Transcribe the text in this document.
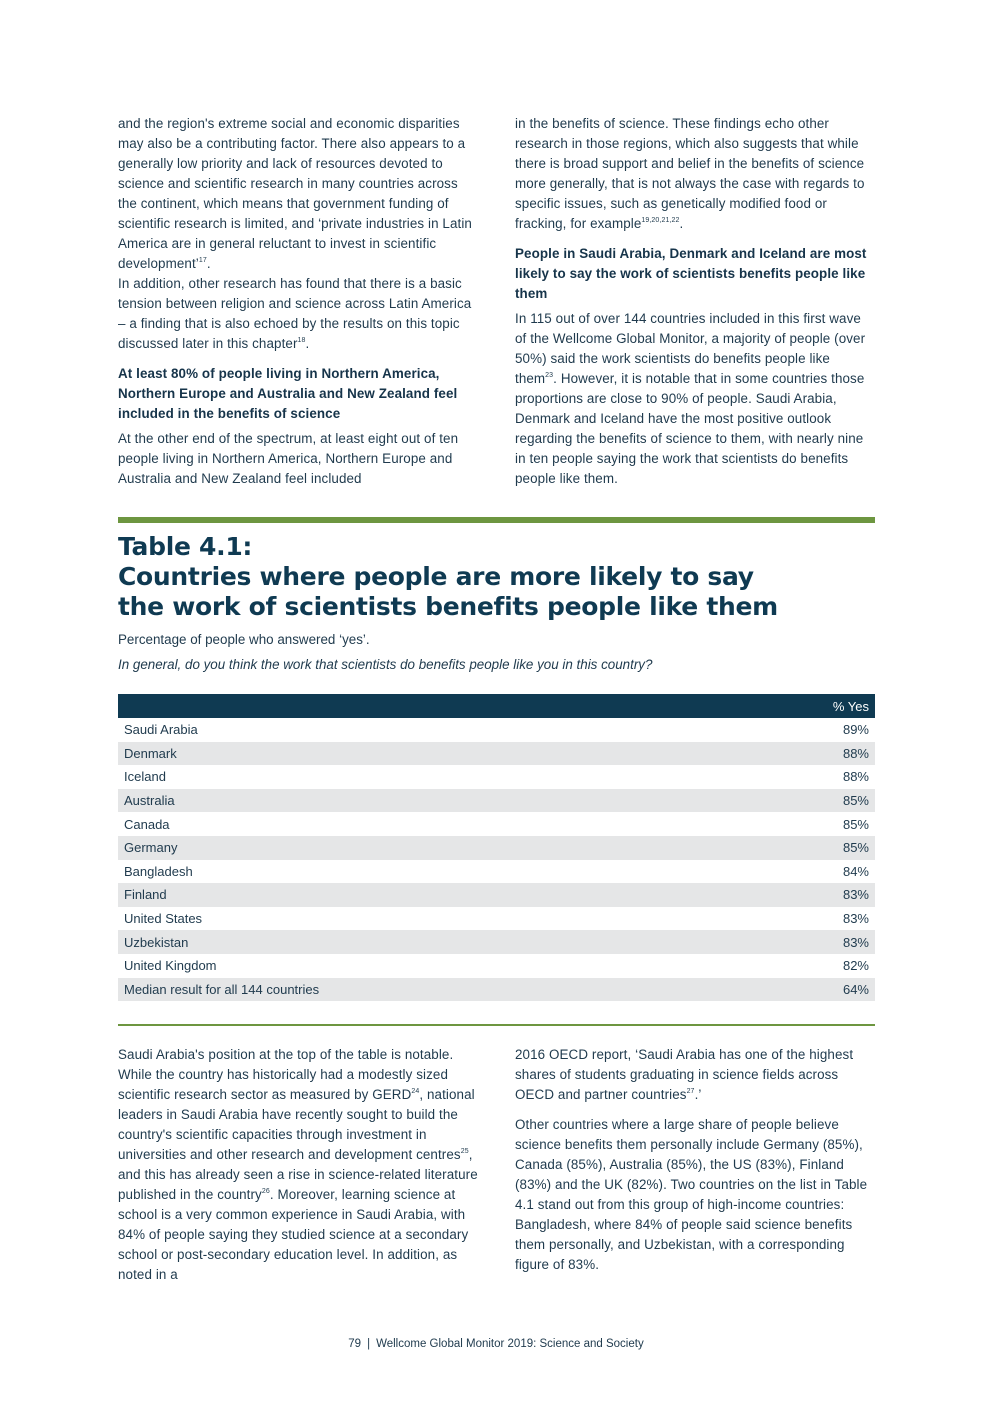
and the region's extreme social and economic disparities may also be a contributing factor. There also appears to a generally low priority and lack of resources devoted to science and scientific research in many countries across the continent, which means that government funding of scientific research is limited, and ‘private industries in Latin America are in general reluctant to invest in scientific development’$^{17}$.

In addition, other research has found that there is a basic tension between religion and science across Latin America – a finding that is also echoed by the results on this topic discussed later in this chapter$^{18}$.

At least 80% of people living in Northern America, Northern Europe and Australia and New Zealand feel included in the benefits of science

At the other end of the spectrum, at least eight out of ten people living in Northern America, Northern Europe and Australia and New Zealand feel included

in the benefits of science. These findings echo other research in those regions, which also suggests that while there is broad support and belief in the benefits of science more generally, that is not always the case with regards to specific issues, such as genetically modified food or fracking, for example$^{19,20,21,22}$.

People in Saudi Arabia, Denmark and Iceland are most likely to say the work of scientists benefits people like them

In 115 out of over 144 countries included in this first wave of the Wellcome Global Monitor, a majority of people (over 50%) said the work scientists do benefits people like them$^{23}$. However, it is notable that in some countries those proportions are close to 90% of people. Saudi Arabia, Denmark and Iceland have the most positive outlook regarding the benefits of science to them, with nearly nine in ten people saying the work that scientists do benefits people like them.

Table 4.1:
Countries where people are more likely to say
the work of scientists benefits people like them
Percentage of people who answered ‘yes’.
In general, do you think the work that scientists do benefits people like you in this country?
	% Yes
Saudi Arabia	89%
Denmark	88%
Iceland	88%
Australia	85%
Canada	85%
Germany	85%
Bangladesh	84%
Finland	83%
United States	83%
Uzbekistan	83%
United Kingdom	82%
Median result for all 144 countries	64%

Saudi Arabia's position at the top of the table is notable. While the country has historically had a modestly sized scientific research sector as measured by GERD$^{24}$, national leaders in Saudi Arabia have recently sought to build the country's scientific capacities through investment in universities and other research and development centres$^{25}$, and this has already seen a rise in science-related literature published in the country$^{26}$. Moreover, learning science at school is a very common experience in Saudi Arabia, with 84% of people saying they studied science at a secondary school or post-secondary education level. In addition, as noted in a

2016 OECD report, ‘Saudi Arabia has one of the highest shares of students graduating in science fields across OECD and partner countries$^{27}$.’

Other countries where a large share of people believe science benefits them personally include Germany (85%), Canada (85%), Australia (85%), the US (83%), Finland (83%) and the UK (82%). Two countries on the list in Table 4.1 stand out from this group of high-income countries: Bangladesh, where 84% of people said science benefits them personally, and Uzbekistan, with a corresponding figure of 83%.

79 | Wellcome Global Monitor 2019: Science and Society
